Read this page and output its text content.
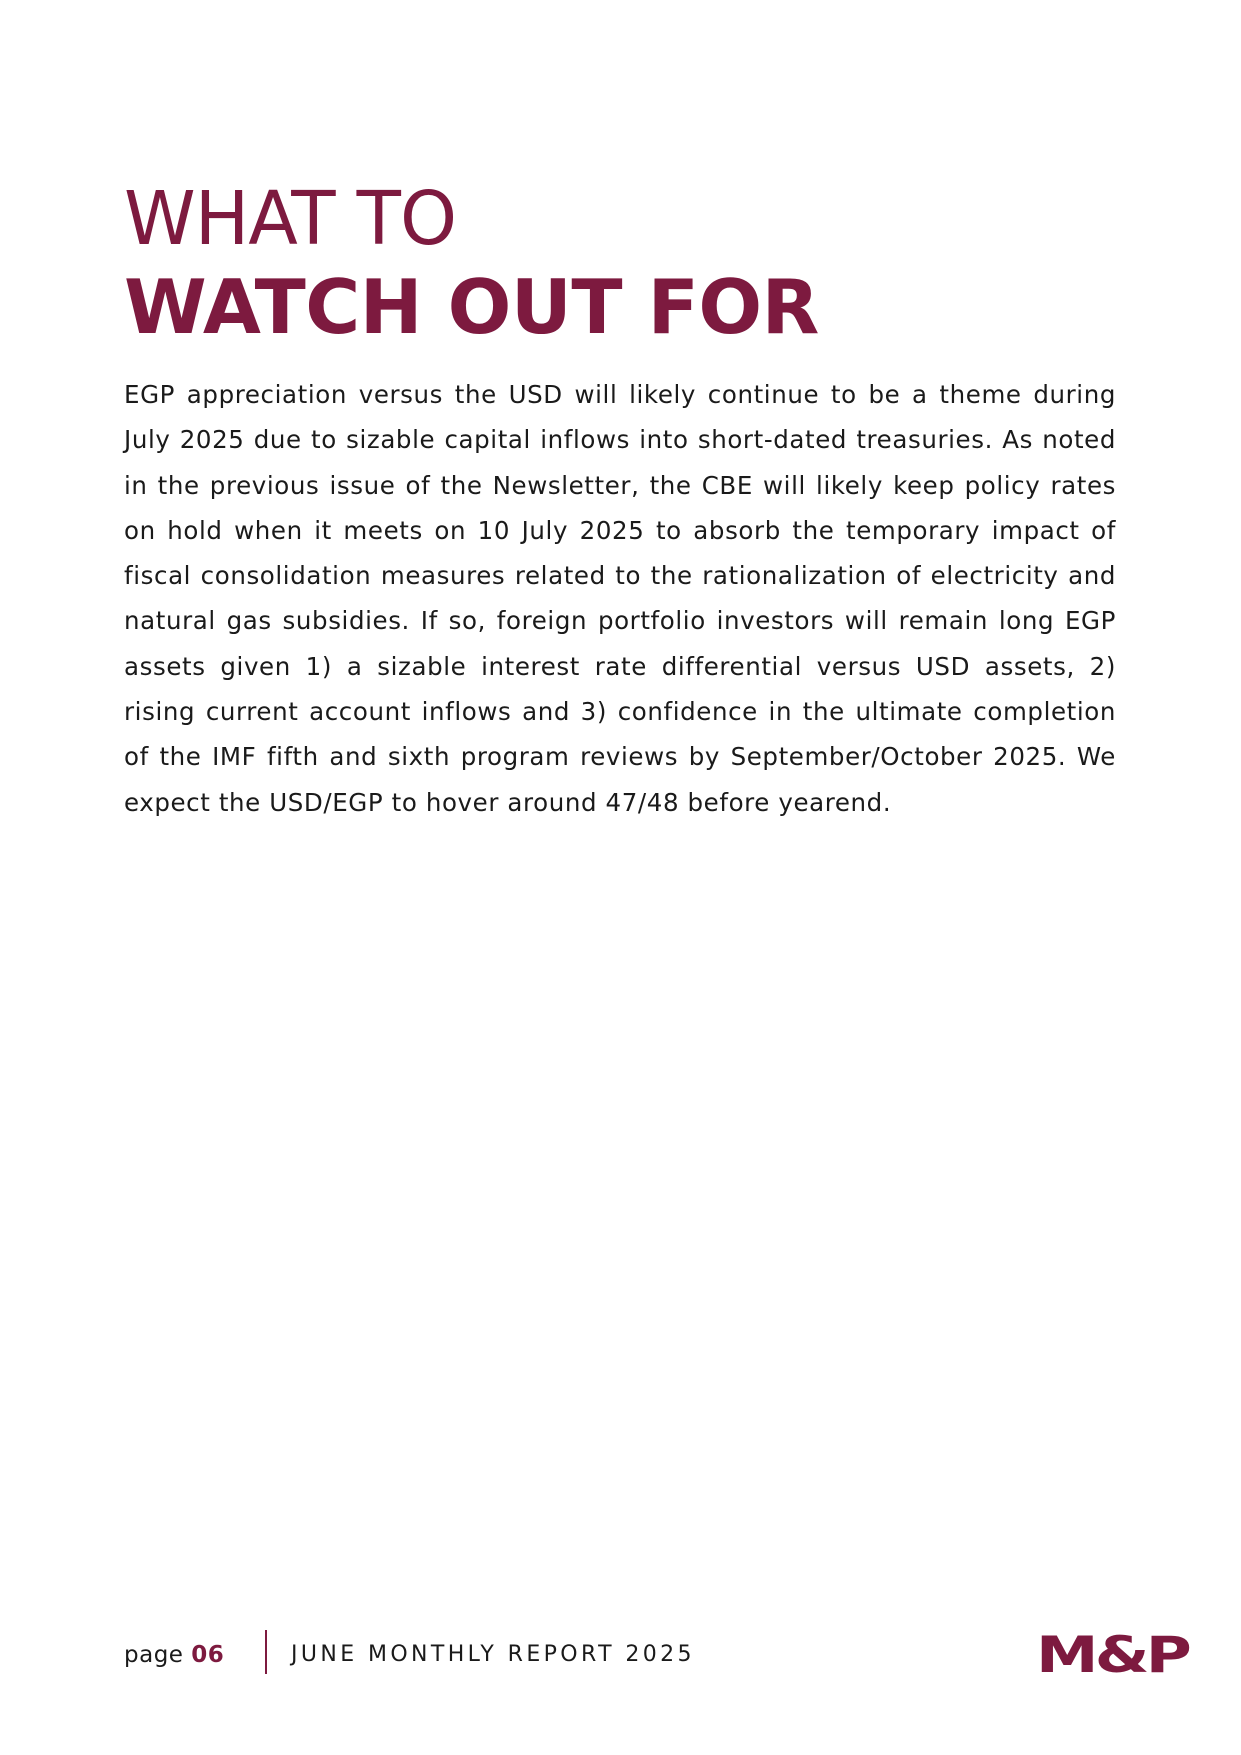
WHAT TO
WATCH OUT FOR

EGP appreciation versus the USD will likely continue to be a theme during July 2025 due to sizable capital inflows into short-dated treasuries. As noted in the previous issue of the Newsletter, the CBE will likely keep policy rates on hold when it meets on 10 July 2025 to absorb the temporary impact of fiscal consolidation measures related to the rationalization of electricity and natural gas subsidies. If so, foreign portfolio investors will remain long EGP assets given 1) a sizable interest rate differential versus USD assets, 2) rising current account inflows and 3) confidence in the ultimate completion of the IMF fifth and sixth program reviews by September/October 2025. We expect the USD/EGP to hover around 47/48 before yearend.

page 06	JUNE MONTHLY REPORT 2025	M&P
